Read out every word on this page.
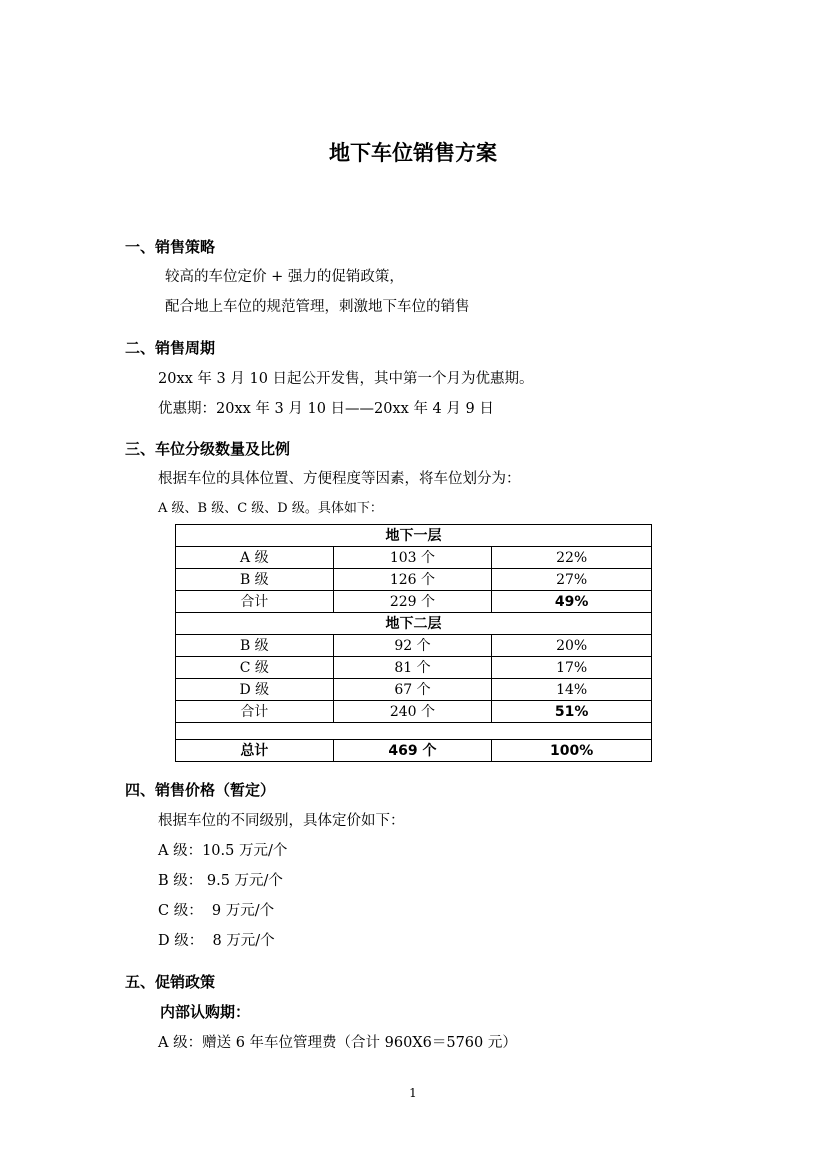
地下车位销售方案
一、销售策略
较高的车位定价 + 强力的促销政策，
配合地上车位的规范管理，刺激地下车位的销售
二、销售周期
20xx 年 3 月 10 日起公开发售，其中第一个月为优惠期。
优惠期：20xx 年 3 月 10 日——20xx 年 4 月 9 日
三、车位分级数量及比例
根据车位的具体位置、方便程度等因素，将车位划分为：
A 级、B 级、C 级、D 级。具体如下：
地下一层		
A 级	103 个	22%
B 级	126 个	27%
合计	229 个	49%
地下二层		
B 级	92 个	20%
C 级	81 个	17%
D 级	67 个	14%
合计	240 个	51%

总计	469 个	100%
四、销售价格（暂定）
根据车位的不同级别，具体定价如下：
A 级：10.5 万元/个
B 级： 9.5 万元/个
C 级：  9 万元/个
D 级：  8 万元/个
五、促销政策
内部认购期：
A 级：赠送 6 年车位管理费（合计 960X6＝5760 元）
1
